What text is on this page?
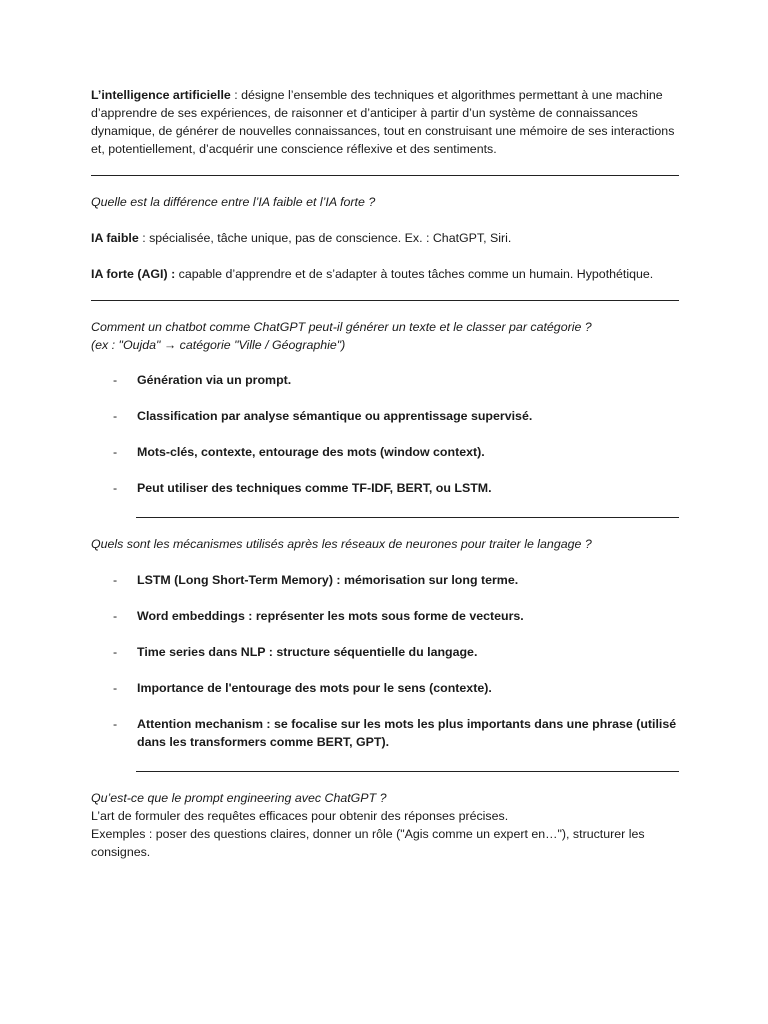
L’intelligence artificielle : désigne l’ensemble des techniques et algorithmes permettant à une machine d’apprendre de ses expériences, de raisonner et d’anticiper à partir d’un système de connaissances dynamique, de générer de nouvelles connaissances, tout en construisant une mémoire de ses interactions et, potentiellement, d’acquérir une conscience réflexive et des sentiments.

Quelle est la différence entre l’IA faible et l’IA forte ?

IA faible : spécialisée, tâche unique, pas de conscience. Ex. : ChatGPT, Siri.

IA forte (AGI) : capable d’apprendre et de s’adapter à toutes tâches comme un humain. Hypothétique.

Comment un chatbot comme ChatGPT peut-il générer un texte et le classer par catégorie ?

(ex : "Oujda" → catégorie "Ville / Géographie")

- Génération via un prompt.
- Classification par analyse sémantique ou apprentissage supervisé.
- Mots-clés, contexte, entourage des mots (window context).
- Peut utiliser des techniques comme TF-IDF, BERT, ou LSTM.

Quels sont les mécanismes utilisés après les réseaux de neurones pour traiter le langage ?

- LSTM (Long Short-Term Memory) : mémorisation sur long terme.
- Word embeddings : représenter les mots sous forme de vecteurs.
- Time series dans NLP : structure séquentielle du langage.
- Importance de l'entourage des mots pour le sens (contexte).
- Attention mechanism : se focalise sur les mots les plus importants dans une phrase (utilisé dans les transformers comme BERT, GPT).

Qu’est-ce que le prompt engineering avec ChatGPT ?

L’art de formuler des requêtes efficaces pour obtenir des réponses précises.

Exemples : poser des questions claires, donner un rôle ("Agis comme un expert en…"), structurer les consignes.
